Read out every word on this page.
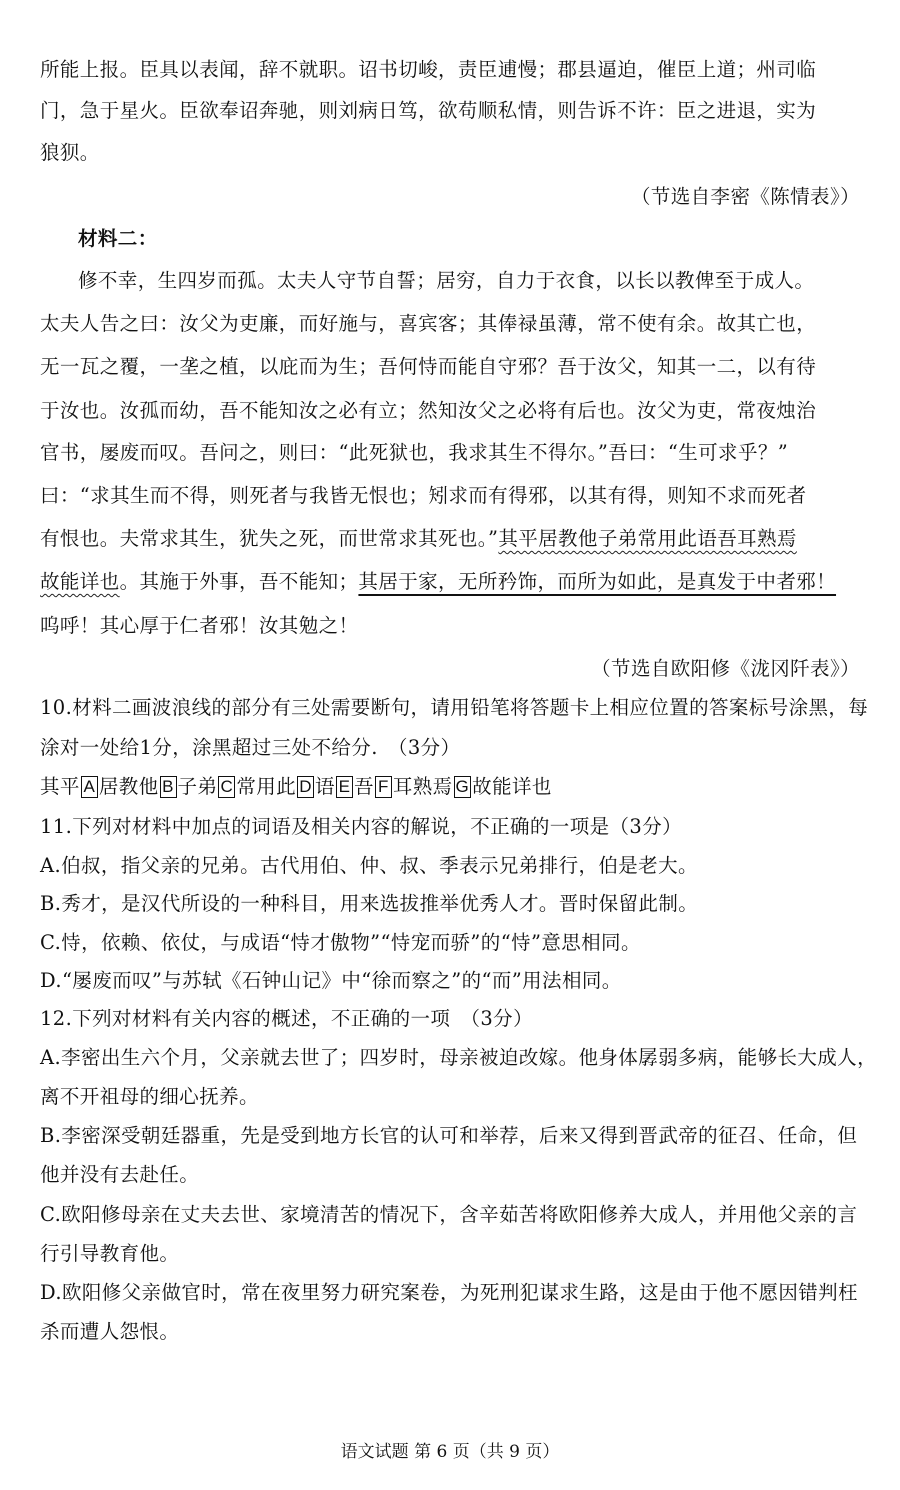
所能上报。臣具以表闻，辞不就职。诏书切峻，责臣逋慢；郡县逼迫，催臣上道；州司临
门，急于星火。臣欲奉诏奔驰，则刘病日笃，欲苟顺私情，则告诉不许：臣之进退，实为
狼狈。
（节选自李密《陈情表》）
材料二：
修不幸，生四岁而孤。太夫人守节自誓；居穷，自力于衣食，以长以教俾至于成人。
太夫人告之曰：汝父为吏廉，而好施与，喜宾客；其俸禄虽薄，常不使有余。故其亡也，
无一瓦之覆，一垄之植，以庇而为生；吾何恃而能自守邪？吾于汝父，知其一二，以有待
于汝也。汝孤而幼，吾不能知汝之必有立；然知汝父之必将有后也。汝父为吏，常夜烛治
官书，屡废而叹。吾问之，则曰：“此死狱也，我求其生不得尔。”吾曰：“生可求乎？”
曰：“求其生而不得，则死者与我皆无恨也；矧求而有得邪，以其有得，则知不求而死者
有恨也。夫常求其生，犹失之死，而世常求其死也。”其平居教他子弟常用此语吾耳熟焉
故能详也。其施于外事，吾不能知；其居于家，无所矜饰，而所为如此，是真发于中者邪！
呜呼！其心厚于仁者邪！汝其勉之！
（节选自欧阳修《泷冈阡表》）
10.材料二画波浪线的部分有三处需要断句，请用铅笔将答题卡上相应位置的答案标号涂黑，每
涂对一处给1分，涂黑超过三处不给分.　（3分）
其平 A 居教他 B 子弟 C 常用此 D 语 E 吾 F 耳熟焉 G 故能详也
11.下列对材料中加点的词语及相关内容的解说，不正确的一项是（3分）
A.伯叔，指父亲的兄弟。古代用伯、仲、叔、季表示兄弟排行，伯是老大。
B.秀才，是汉代所设的一种科目，用来选拔推举优秀人才。晋时保留此制。
C.恃，依赖、依仗，与成语“恃才傲物”“恃宠而骄”的“恃”意思相同。
D.“屡废而叹”与苏轼《石钟山记》中“徐而察之”的“而”用法相同。
12.下列对材料有关内容的概述，不正确的一项　（3分）
A.李密出生六个月，父亲就去世了；四岁时，母亲被迫改嫁。他身体孱弱多病，能够长大成人，
离不开祖母的细心抚养。
B.李密深受朝廷器重，先是受到地方长官的认可和举荐，后来又得到晋武帝的征召、任命，但
他并没有去赴任。
C.欧阳修母亲在丈夫去世、家境清苦的情况下，含辛茹苦将欧阳修养大成人，并用他父亲的言
行引导教育他。
D.欧阳修父亲做官时，常在夜里努力研究案卷，为死刑犯谋求生路，这是由于他不愿因错判枉
杀而遭人怨恨。
语文试题 第 6 页（共 9 页）
